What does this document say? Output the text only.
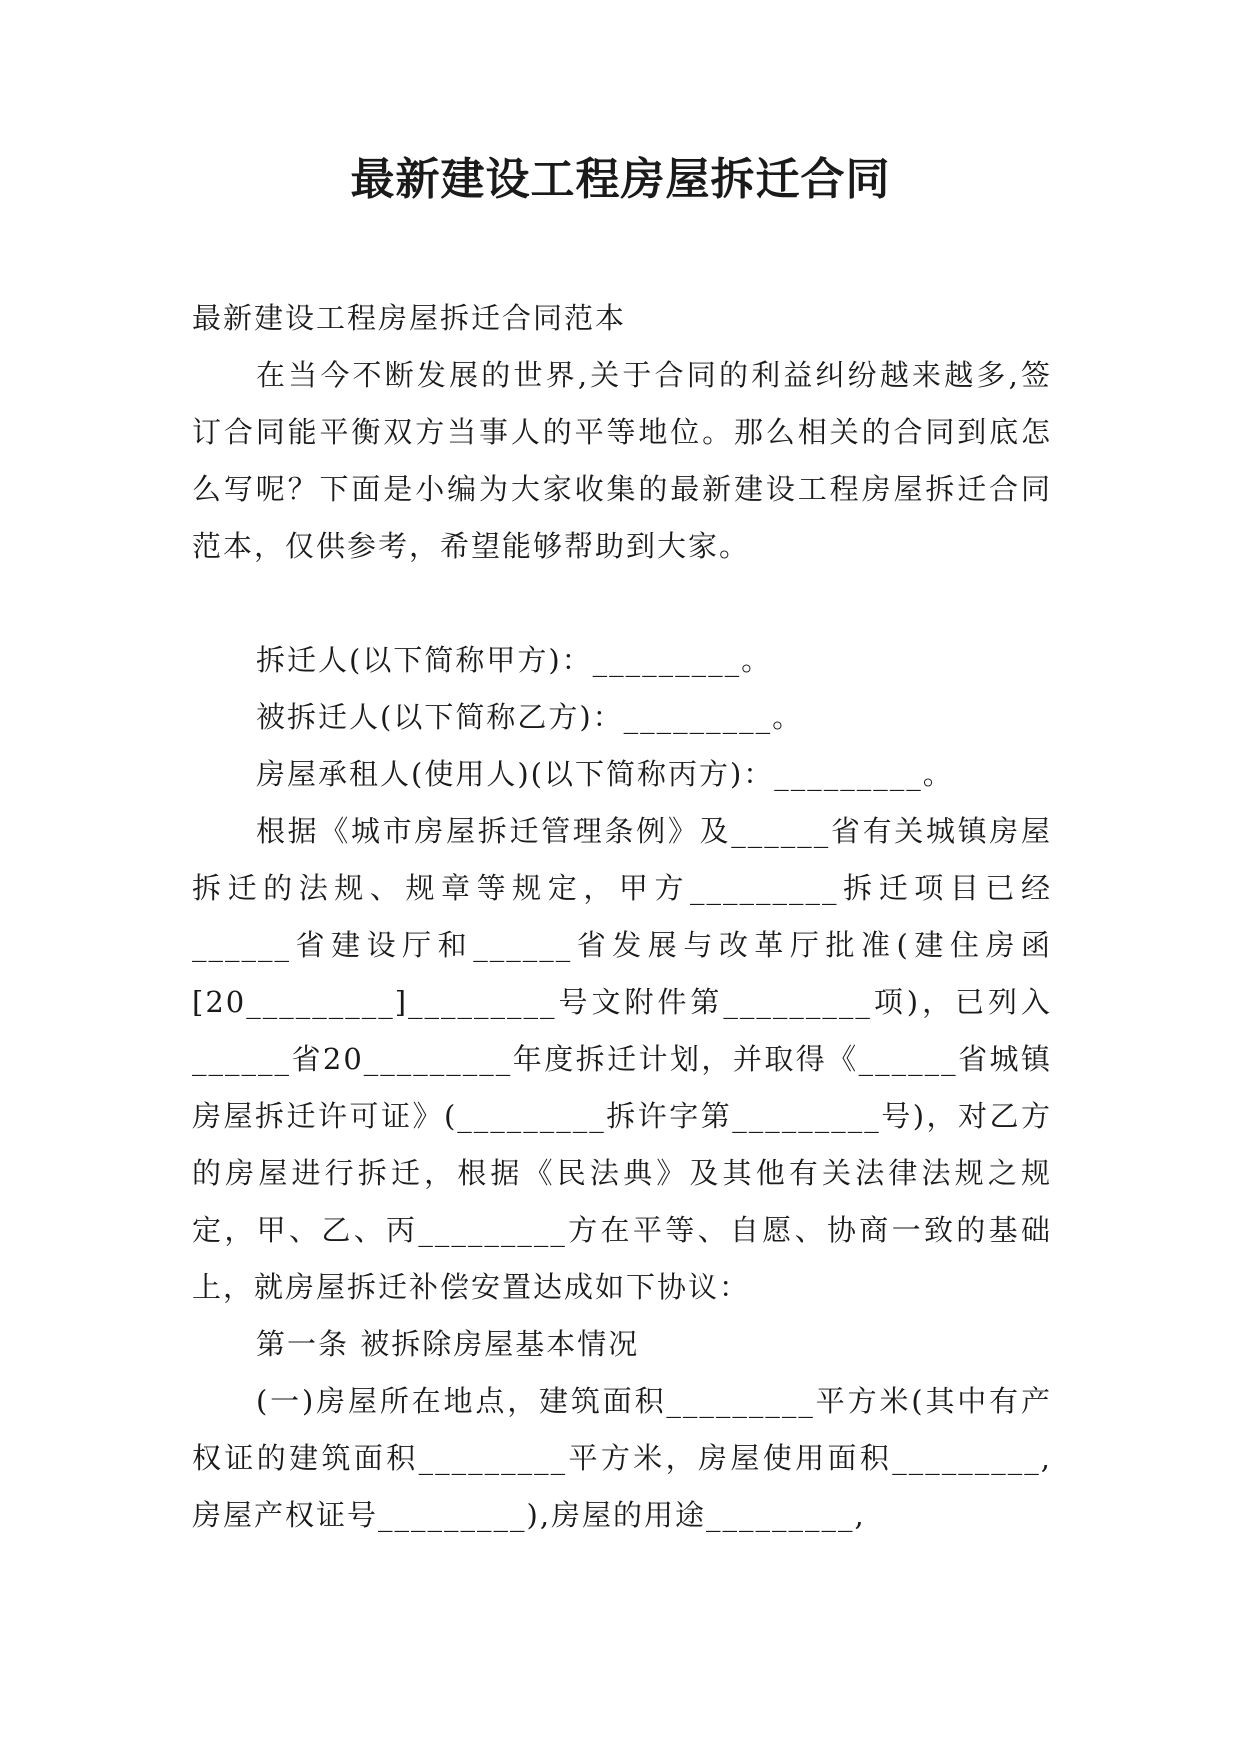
最新建设工程房屋拆迁合同

最新建设工程房屋拆迁合同范本

在当今不断发展的世界,关于合同的利益纠纷越来越多,签订合同能平衡双方当事人的平等地位。那么相关的合同到底怎么写呢？下面是小编为大家收集的最新建设工程房屋拆迁合同范本，仅供参考，希望能够帮助到大家。

拆迁人(以下简称甲方)：_________。

被拆迁人(以下简称乙方)：_________。

房屋承租人(使用人)(以下简称丙方)：_________。

根据《城市房屋拆迁管理条例》及______省有关城镇房屋拆迁的法规、规章等规定，甲方_________拆迁项目已经______省建设厅和______省发展与改革厅批准(建住房函[20_________]_________号文附件第_________项)，已列入______省20_________年度拆迁计划，并取得《______省城镇房屋拆迁许可证》(_________拆许字第_________号)，对乙方的房屋进行拆迁，根据《民法典》及其他有关法律法规之规定，甲、乙、丙_________方在平等、自愿、协商一致的基础上，就房屋拆迁补偿安置达成如下协议：

第一条 被拆除房屋基本情况

(一)房屋所在地点，建筑面积_________平方米(其中有产权证的建筑面积_________平方米，房屋使用面积_________,房屋产权证号_________),房屋的用途_________,
